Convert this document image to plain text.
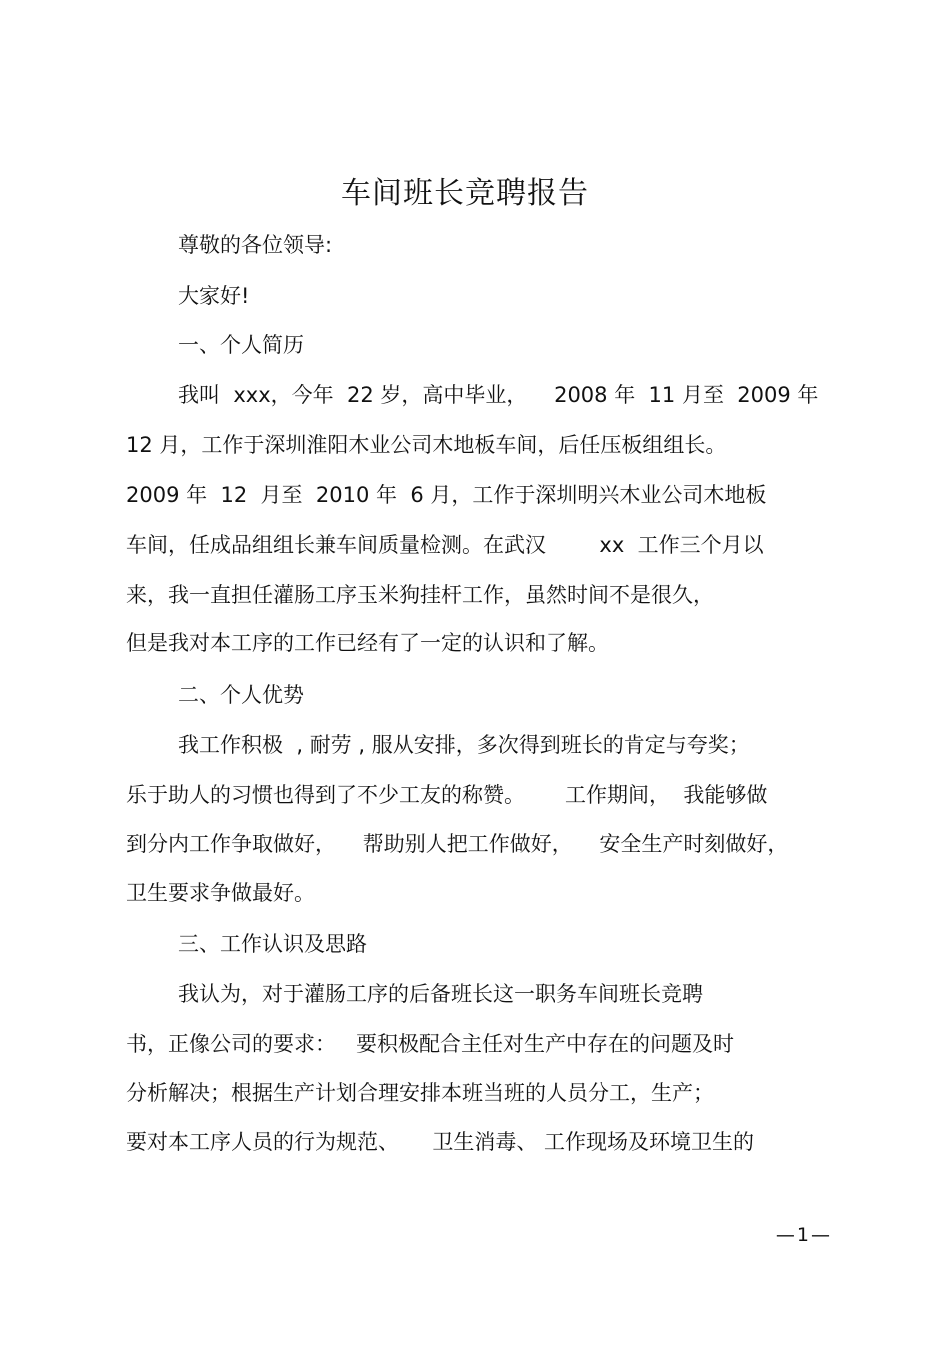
车间班长竞聘报告
尊敬的各位领导:
大家好!
一、个人简历
我叫  xxx，今年  22 岁，高中毕业，    2008 年  11 月至  2009 年
12 月，工作于深圳淮阳木业公司木地板车间，后任压板组组长。
2009 年  12  月至  2010 年  6 月，工作于深圳明兴木业公司木地板
车间，任成品组组长兼车间质量检测。在武汉        xx  工作三个月以
来，我一直担任灌肠工序玉米狗挂杆工作，虽然时间不是很久，
但是我对本工序的工作已经有了一定的认识和了解。
二、个人优势
我工作积极  , 耐劳 , 服从安排，多次得到班长的肯定与夸奖；
乐于助人的习惯也得到了不少工友的称赞。      工作期间，  我能够做
到分内工作争取做好，    帮助别人把工作做好，    安全生产时刻做好，
卫生要求争做最好。
三、工作认识及思路
我认为，对于灌肠工序的后备班长这一职务车间班长竞聘
书，正像公司的要求：   要积极配合主任对生产中存在的问题及时
分析解决；根据生产计划合理安排本班当班的人员分工，生产；
要对本工序人员的行为规范、     卫生消毒、 工作现场及环境卫生的
—1—
